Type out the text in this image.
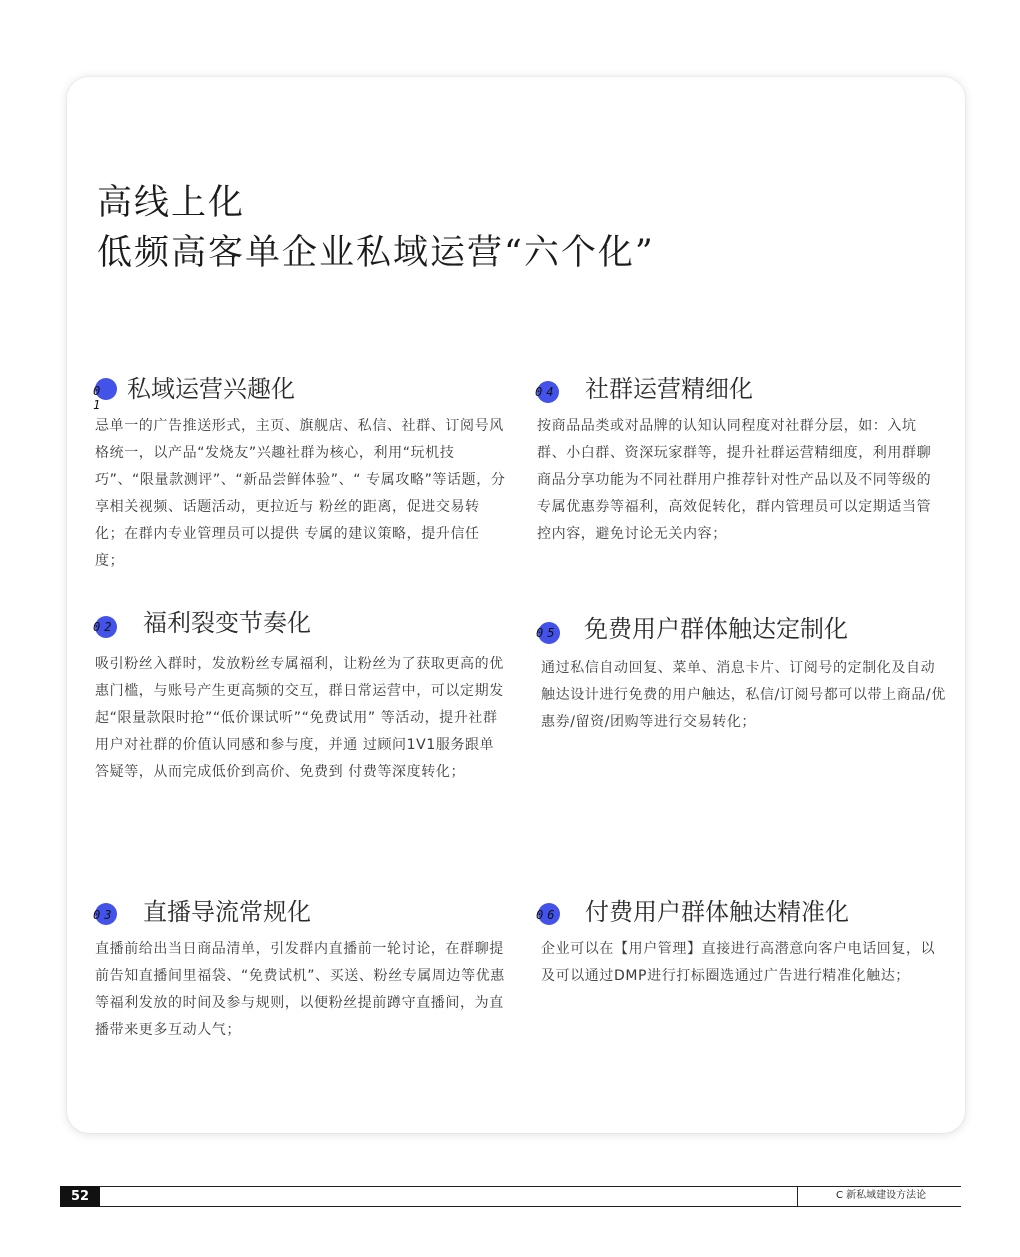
高线上化
低频高客单企业私域运营“六个化”
01
私域运营兴趣化

忌单一的广告推送形式，主页、旗舰店、私信、社群、订阅号风格统一，以产品“发烧友”兴趣社群为核心，利用“玩机技巧”、“限量款测评”、“新品尝鲜体验”、“ 专属攻略”等话题，分享相关视频、话题活动，更拉近与 粉丝的距离，促进交易转化；在群内专业管理员可以提供 专属的建议策略，提升信任度；

02 福利裂变节奏化

吸引粉丝入群时，发放粉丝专属福利，让粉丝为了获取更高的优惠门槛，与账号产生更高频的交互，群日常运营中，可以定期发起“限量款限时抢”“低价课试听”“免费试用” 等活动，提升社群用户对社群的价值认同感和参与度，并通 过顾问1V1服务跟单答疑等，从而完成低价到高价、免费到 付费等深度转化；

03 直播导流常规化

直播前给出当日商品清单，引发群内直播前一轮讨论，在群聊提前告知直播间里福袋、“免费试机”、买送、粉丝专属周边等优惠等福利发放的时间及参与规则，以便粉丝提前蹲守直播间，为直播带来更多互动人气；

04 社群运营精细化

按商品品类或对品牌的认知认同程度对社群分层，如：入坑群、小白群、资深玩家群等，提升社群运营精细度，利用群聊商品分享功能为不同社群用户推荐针对性产品以及不同等级的专属优惠券等福利，高效促转化，群内管理员可以定期适当管控内容，避免讨论无关内容；

05 免费用户群体触达定制化

通过私信自动回复、菜单、消息卡片、订阅号的定制化及自动触达设计进行免费的用户触达，私信/订阅号都可以带上商品/优惠券/留资/团购等进行交易转化；

06 付费用户群体触达精准化

企业可以在【用户管理】直接进行高潜意向客户电话回复，以及可以通过DMP进行打标圈选通过广告进行精准化触达；

52	C 新私域建设方法论
